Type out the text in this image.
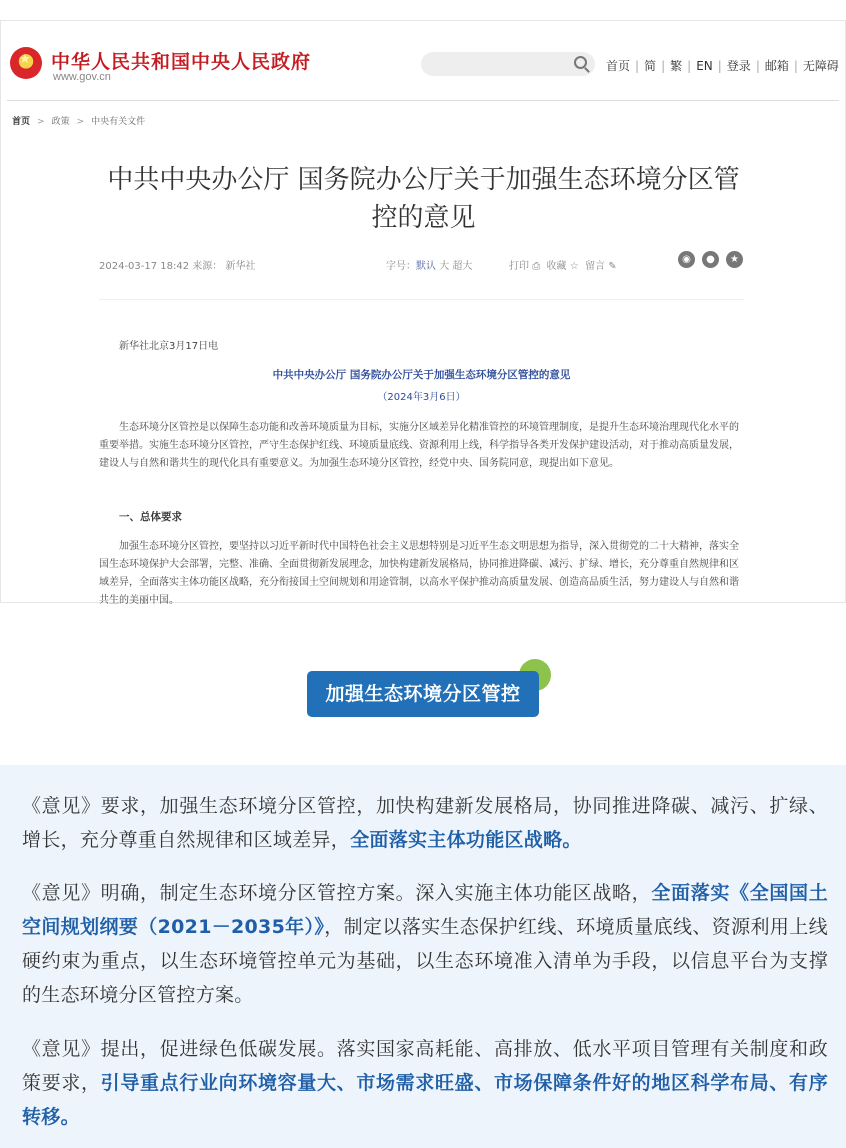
★
中华人民共和国中央人民政府
www.gov.cn
首页 | 简 | 繁 | EN | 登录 | 邮箱 | 无障碍
首页 > 政策 > 中央有关文件
中共中央办公厅 国务院办公厅关于加强生态环境分区管
控的意见
2024-03-17 18:42 来源： 新华社	字号：默认 大 超大	打印 ⎙ 收藏 ☆ 留言 ✎
◉ ● ★
新华社北京3月17日电
中共中央办公厅 国务院办公厅关于加强生态环境分区管控的意见
（2024年3月6日）
生态环境分区管控是以保障生态功能和改善环境质量为目标，实施分区域差异化精准管控的环境管理制度，是提升生态环境治理现代化水平的重要举措。实施生态环境分区管控，严守生态保护红线、环境质量底线、资源利用上线，科学指导各类开发保护建设活动，对于推动高质量发展，建设人与自然和谐共生的现代化具有重要意义。为加强生态环境分区管控，经党中央、国务院同意，现提出如下意见。
一、总体要求
加强生态环境分区管控，要坚持以习近平新时代中国特色社会主义思想特别是习近平生态文明思想为指导，深入贯彻党的二十大精神，落实全国生态环境保护大会部署，完整、准确、全面贯彻新发展理念，加快构建新发展格局，协同推进降碳、减污、扩绿、增长，充分尊重自然规律和区域差异，全面落实主体功能区战略，充分衔接国土空间规划和用途管制，以高水平保护推动高质量发展、创造高品质生活，努力建设人与自然和谐共生的美丽中国。
加强生态环境分区管控

《意见》要求，加强生态环境分区管控，加快构建新发展格局，协同推进降碳、减污、扩绿、增长，充分尊重自然规律和区域差异，全面落实主体功能区战略。

《意见》明确，制定生态环境分区管控方案。深入实施主体功能区战略，全面落实《全国国土空间规划纲要（2021－2035年）》，制定以落实生态保护红线、环境质量底线、资源利用上线硬约束为重点，以生态环境管控单元为基础，以生态环境准入清单为手段，以信息平台为支撑的生态环境分区管控方案。

《意见》提出，促进绿色低碳发展。落实国家高耗能、高排放、低水平项目管理有关制度和政策要求，引导重点行业向环境容量大、市场需求旺盛、市场保障条件好的地区科学布局、有序转移。
